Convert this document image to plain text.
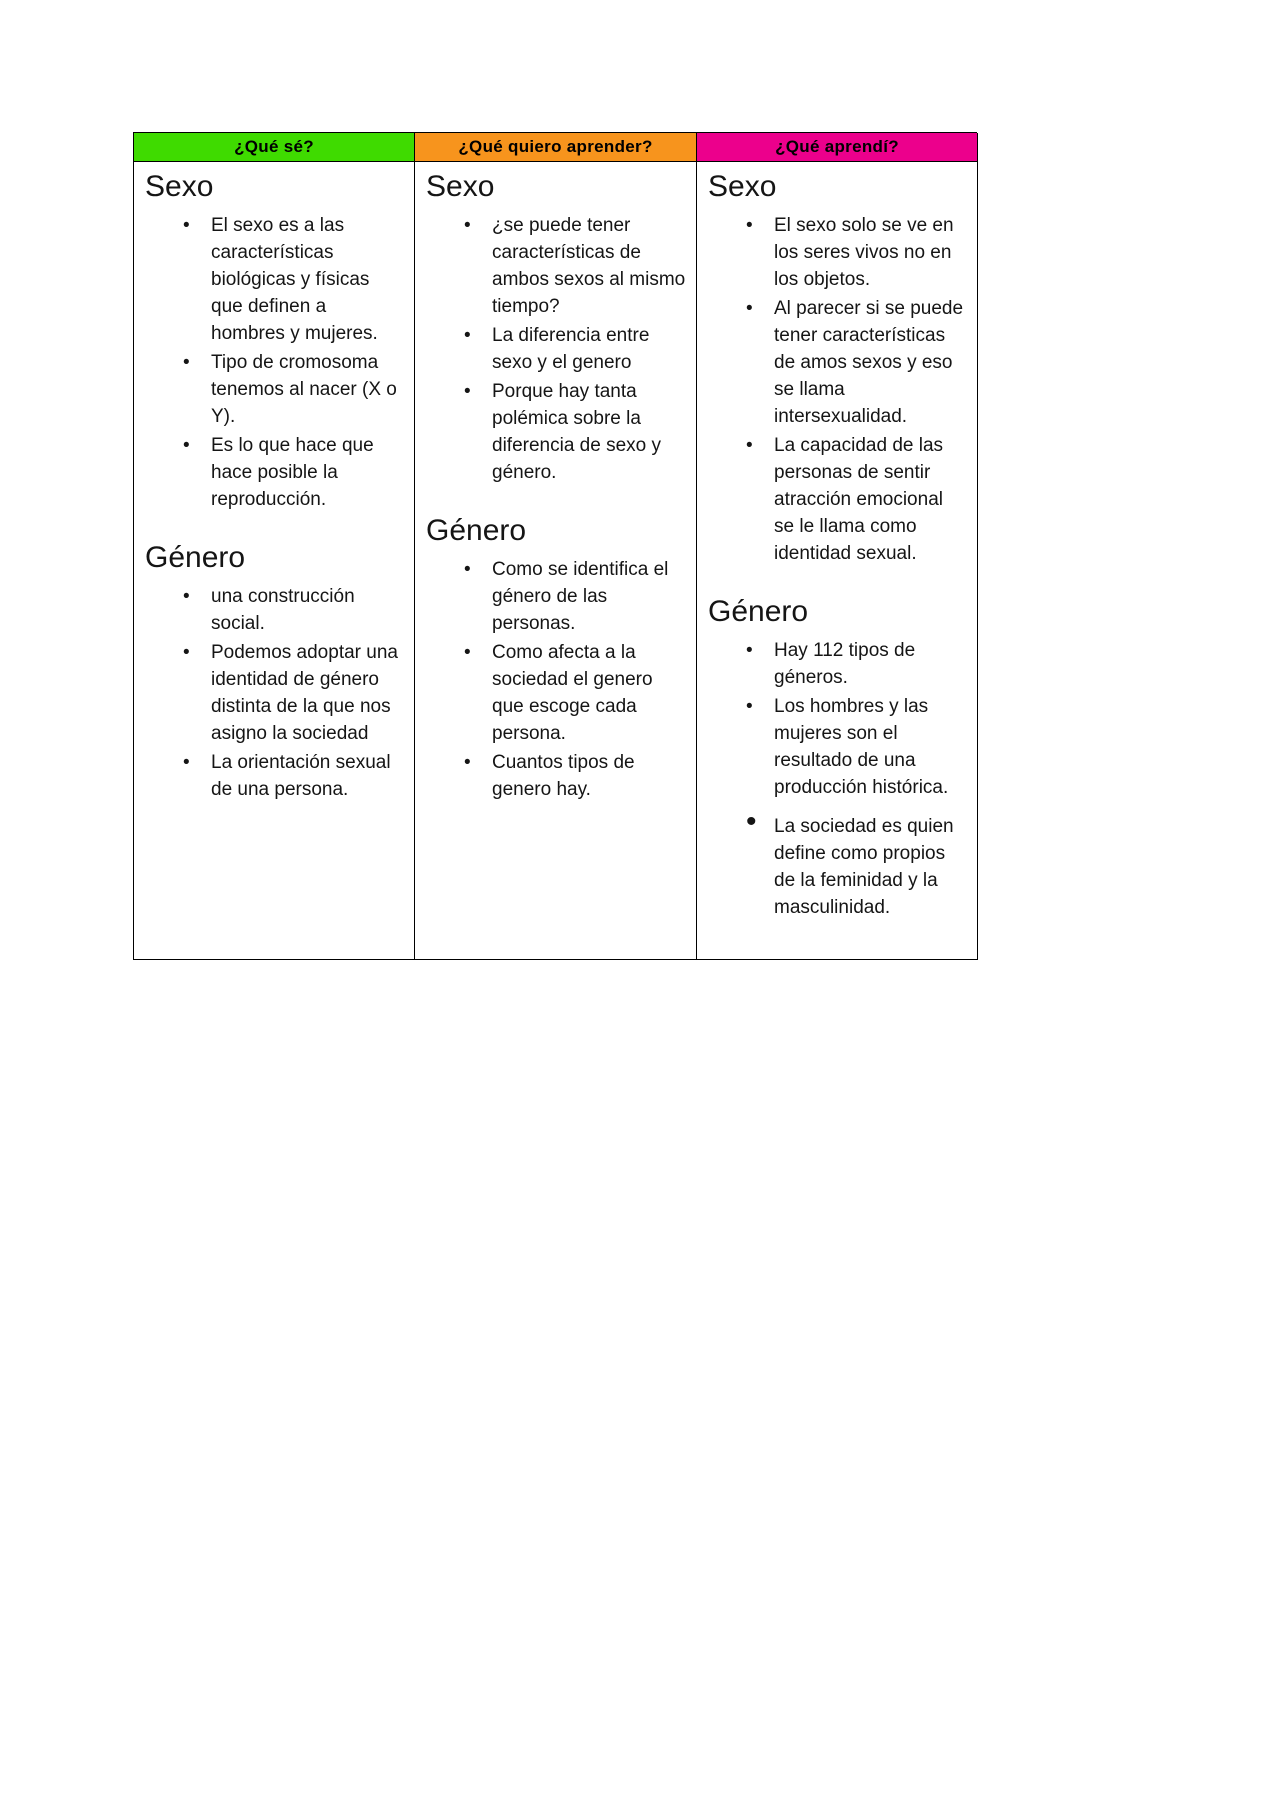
¿Qué sé?	¿Qué quiero aprender?	¿Qué aprendí?
Sexo
• El sexo es a las características biológicas y físicas que definen a hombres y mujeres.
• Tipo de cromosoma tenemos al nacer (X o Y).
• Es lo que hace que hace posible la reproducción.
Género
• una construcción social.
• Podemos adoptar una identidad de género distinta de la que nos asigno la sociedad
• La orientación sexual de una persona.
Sexo
• ¿se puede tener características de ambos sexos al mismo tiempo?
• La diferencia entre sexo y el genero
• Porque hay tanta polémica sobre la diferencia de sexo y género.
Género
• Como se identifica el género de las personas.
• Como afecta a la sociedad el genero que escoge cada persona.
• Cuantos tipos de genero hay.
Sexo
• El sexo solo se ve en los seres vivos no en los objetos.
• Al parecer si se puede tener características de amos sexos y eso se llama intersexualidad.
• La capacidad de las personas de sentir atracción emocional se le llama como identidad sexual.
Género
• Hay 112 tipos de géneros.
• Los hombres y las mujeres son el resultado de una producción histórica.
• La sociedad es quien define como propios de la feminidad y la masculinidad.
